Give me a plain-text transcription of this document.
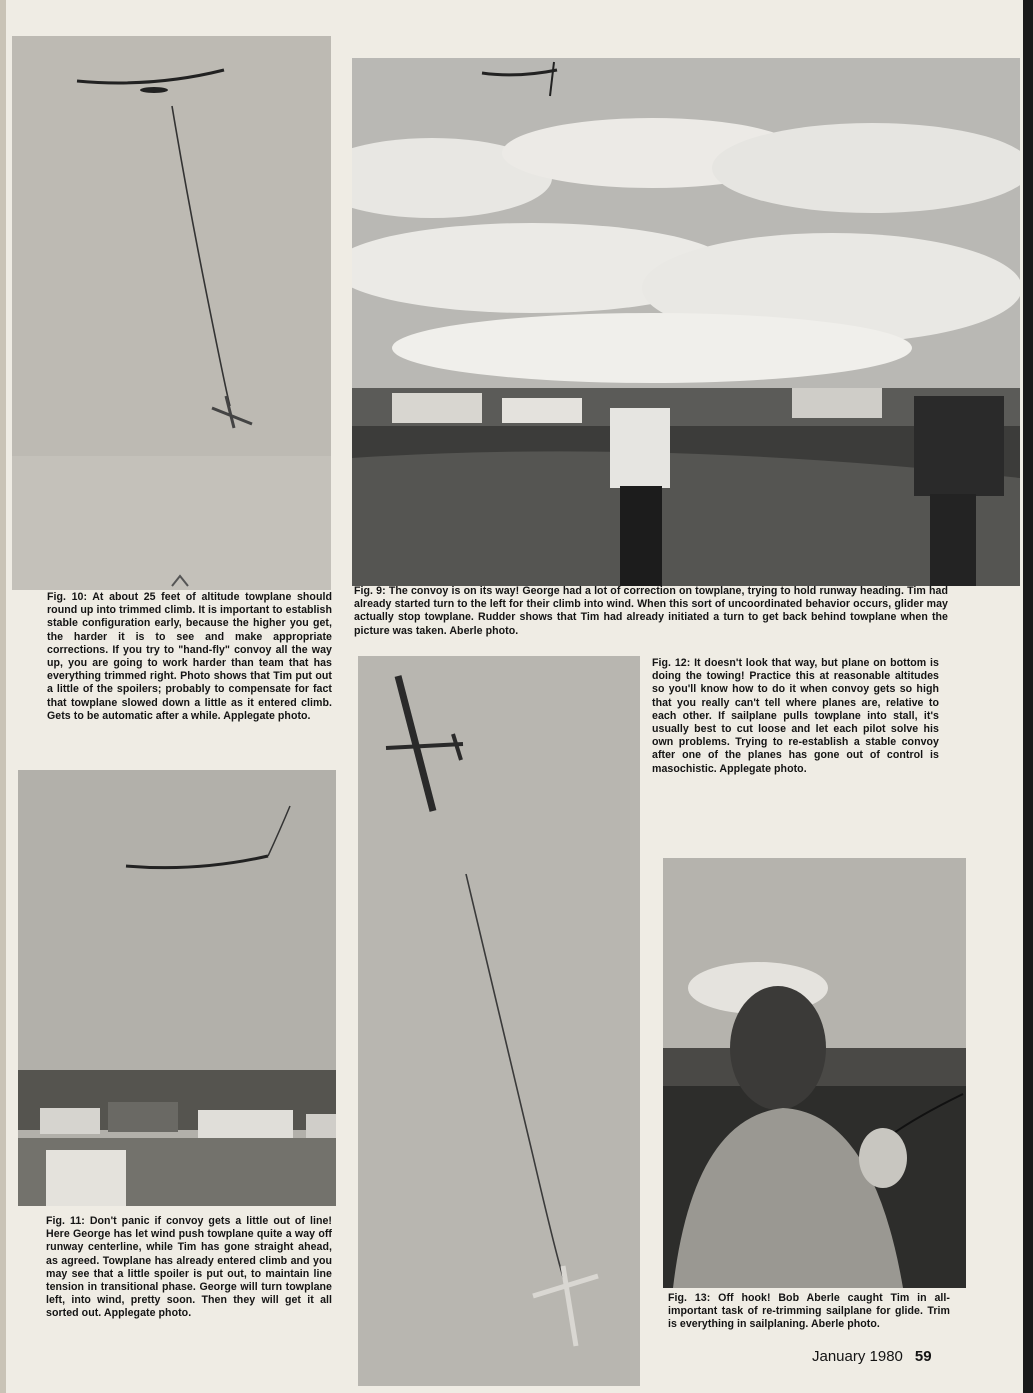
Fig. 10: At about 25 feet of altitude towplane should round up into trimmed climb. It is important to establish stable configuration early, because the higher you get, the harder it is to see and make appropriate corrections. If you try to "hand-fly" convoy all the way up, you are going to work harder than team that has everything trimmed right. Photo shows that Tim put out a little of the spoilers; probably to compensate for fact that towplane slowed down a little as it entered climb. Gets to be automatic after a while. Applegate photo.

Fig. 9: The convoy is on its way! George had a lot of correction on towplane, trying to hold runway heading. Tim had already started turn to the left for their climb into wind. When this sort of uncoordinated behavior occurs, glider may actually stop towplane. Rudder shows that Tim had already initiated a turn to get back behind towplane when the picture was taken. Aberle photo.

Fig. 12: It doesn't look that way, but plane on bottom is doing the towing! Practice this at reasonable altitudes so you'll know how to do it when convoy gets so high that you really can't tell where planes are, relative to each other. If sailplane pulls towplane into stall, it's usually best to cut loose and let each pilot solve his own problems. Trying to re-establish a stable convoy after one of the planes has gone out of control is masochistic. Applegate photo.

Fig. 11: Don't panic if convoy gets a little out of line! Here George has let wind push towplane quite a way off runway centerline, while Tim has gone straight ahead, as agreed. Towplane has already entered climb and you may see that a little spoiler is put out, to maintain line tension in transitional phase. George will turn towplane left, into wind, pretty soon. Then they will get it all sorted out. Applegate photo.

Fig. 13: Off hook! Bob Aberle caught Tim in all-important task of re-trimming sailplane for glide. Trim is everything in sailplaning. Aberle photo.

January 1980 59
